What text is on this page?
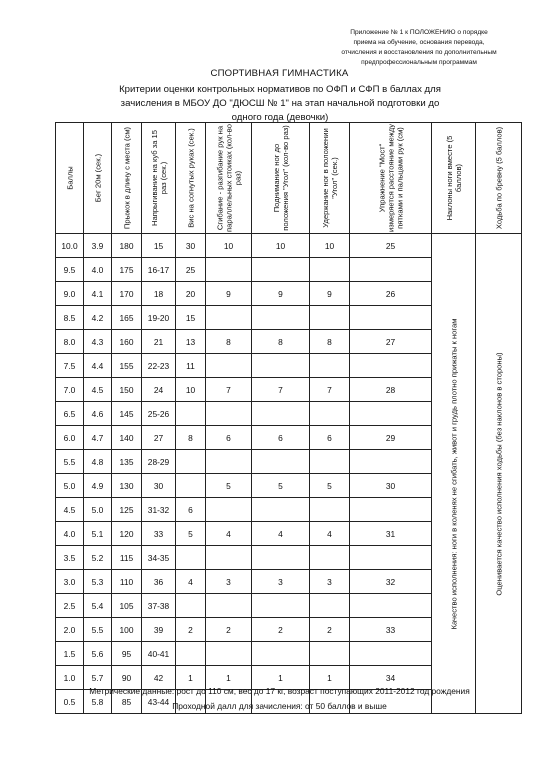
Приложение № 1 к ПОЛОЖЕНИЮ о порядке
приема на обучение, основания перевода,
отчисления и восстановления по дополнительным
предпрофессиональным программам
СПОРТИВНАЯ ГИМНАСТИКА
Критерии оценки контрольных нормативов по ОФП и СФП в баллах для
зачисления в МБОУ ДО "ДЮСШ № 1" на этап начальной подготовки до
одного года (девочки)
Баллы	Бег 20м (сек.)	Прыжок в длину с места (см)	Напрыгивание на куб за 15 раз (сек.)	Вис на согнутых руках (сек.)	Сгибание - разгибание рук на параллельных стоиках (кол-во раз)	Поднимание ног до положения "Угол" (кол-во раз)	Удержание ног в положении "Угол" (сек.)	Упражнение "Мост" измеряется расстояние между пятками и пальцами рук (см)	Наклоны ноги вместе (5 баллов)	Ходьба по бревну (5 баллов)

10.0	3.9	180	15	30	10	10	10	25	Качество исполнения: ноги в коленях не сгибать, живот и грудь плотно прижаты к ногам	Оценивается качество исполнения ходьбы (без наклонов в стороны)

9.5	4.0	175	16-17	25						
9.0	4.1	170	18	20	9	9	9	26		
8.5	4.2	165	19-20	15						
8.0	4.3	160	21	13	8	8	8	27		
7.5	4.4	155	22-23	11						
7.0	4.5	150	24	10	7	7	7	28		
6.5	4.6	145	25-26							
6.0	4.7	140	27	8	6	6	6	29		
5.5	4.8	135	28-29							
5.0	4.9	130	30		5	5	5	30		
4.5	5.0	125	31-32	6						
4.0	5.1	120	33	5	4	4	4	31		
3.5	5.2	115	34-35							
3.0	5.3	110	36	4	3	3	3	32		
2.5	5.4	105	37-38							
2.0	5.5	100	39	2	2	2	2	33		
1.5	5.6	95	40-41							
1.0	5.7	90	42	1	1	1	1	34		
0.5	5.8	85	43-44							
Метрические данные: рост до 110 см, вес до 17 кг, возраст поступающих 2011-2012 год рождения
Проходной далл для зачисления: от 50 баллов и выше
